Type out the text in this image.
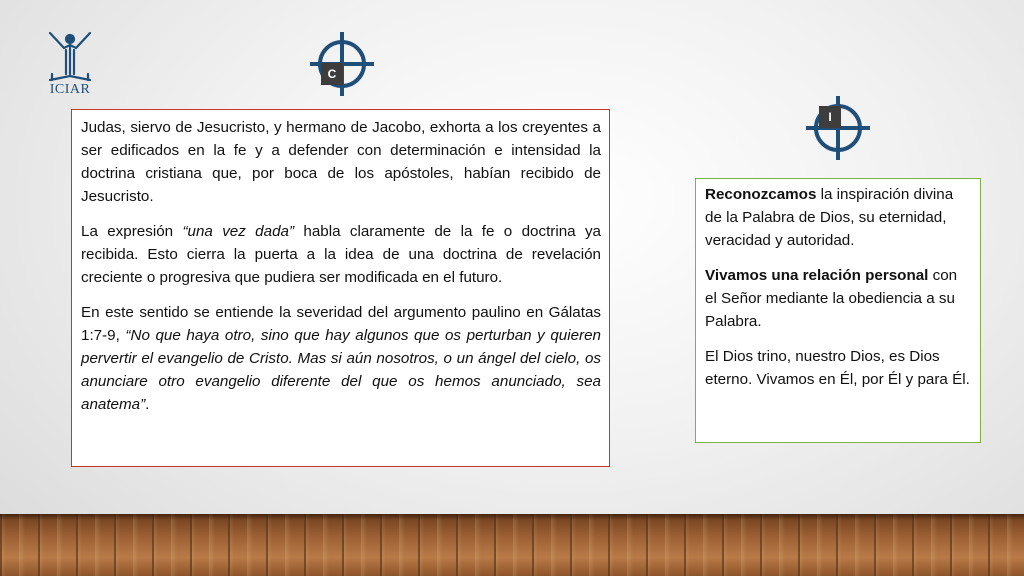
ICIAR
C
I

Judas, siervo de Jesucristo, y hermano de Jacobo, exhorta a los creyentes a ser edificados en la fe y a defender con determinación e intensidad la doctrina cristiana que, por boca de los apóstoles, habían recibido de Jesucristo.

La expresión “una vez dada” habla claramente de la fe o doctrina ya recibida. Esto cierra la puerta a la idea de una doctrina de revelación creciente o progresiva que pudiera ser modificada en el futuro.

En este sentido se entiende la severidad del argumento paulino en Gálatas 1:7-9, “No que haya otro, sino que hay algunos que os perturban y quieren pervertir el evangelio de Cristo. Mas si aún nosotros, o un ángel del cielo, os anunciare otro evangelio diferente del que os hemos anunciado, sea anatema”.

Reconozcamos la inspiración divina de la Palabra de Dios, su eternidad, veracidad y autoridad.

Vivamos una relación personal con el Señor mediante la obediencia a su Palabra.

El Dios trino, nuestro Dios, es Dios eterno. Vivamos en Él, por Él y para Él.
